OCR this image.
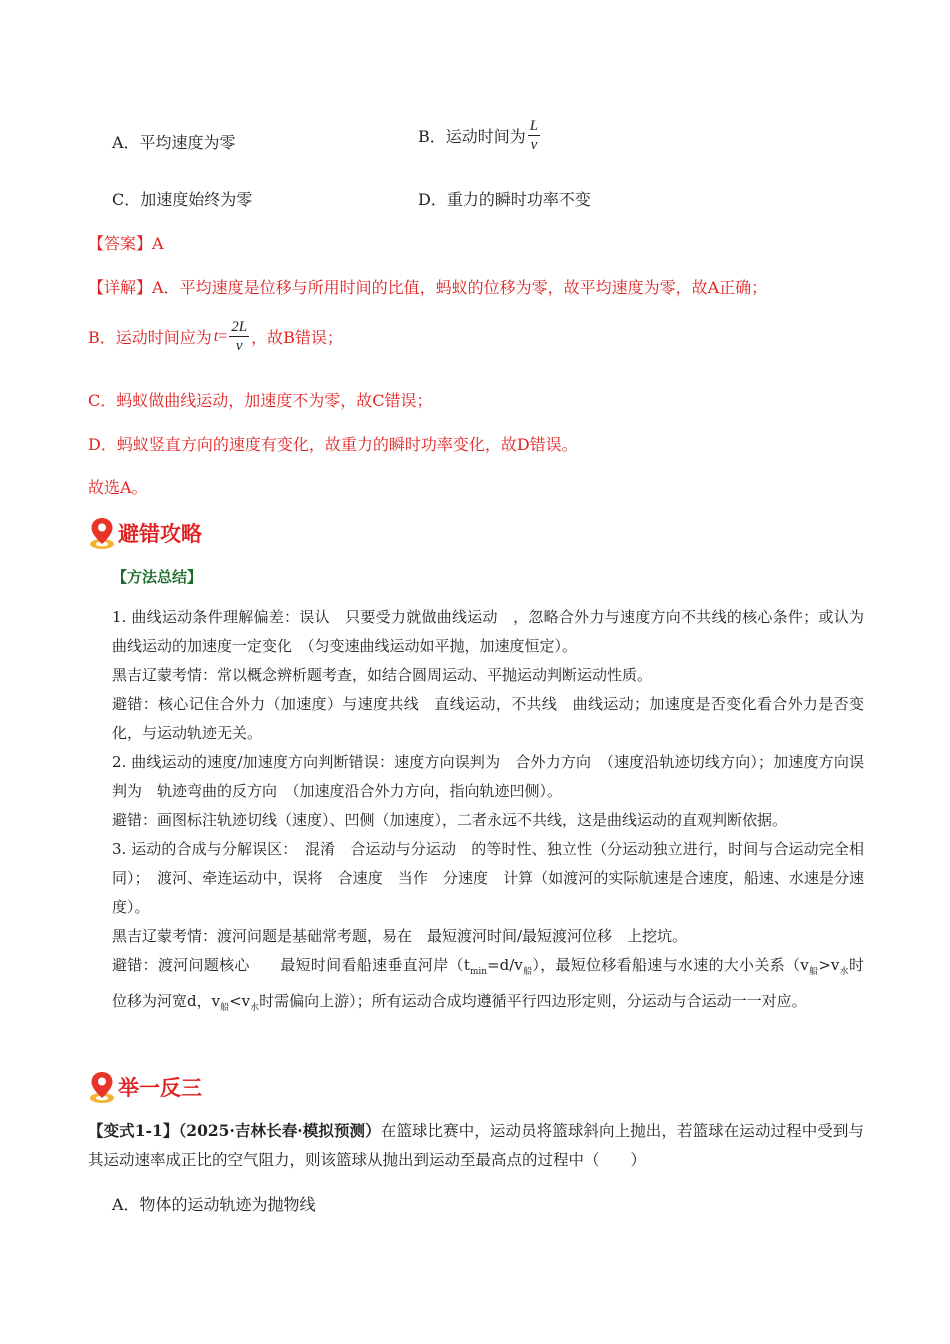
A．平均速度为零	B．运动时间为 $\frac{L}{v}$
C．加速度始终为零	D．重力的瞬时功率不变
【答案】A
【详解】A．平均速度是位移与所用时间的比值，蚂蚁的位移为零，故平均速度为零，故A正确；
B．运动时间应为 $t = \frac{2L}{v}$ ，故B错误；
C．蚂蚁做曲线运动，加速度不为零，故C错误；
D．蚂蚁竖直方向的速度有变化，故重力的瞬时功率变化，故D错误。
故选A。
避错攻略
【方法总结】

1. 曲线运动条件理解偏差：误认　只要受力就做曲线运动　，忽略合外力与速度方向不共线的核心条件；或认为　曲线运动的加速度一定变化　（匀变速曲线运动如平抛，加速度恒定）。

黑吉辽蒙考情：常以概念辨析题考查，如结合圆周运动、平抛运动判断运动性质。

避错：核心记住合外力（加速度）与速度共线　直线运动，不共线　曲线运动；加速度是否变化看合外力是否变化，与运动轨迹无关。

2. 曲线运动的速度/加速度方向判断错误：速度方向误判为　合外力方向　（速度沿轨迹切线方向）；加速度方向误判为　轨迹弯曲的反方向　（加速度沿合外力方向，指向轨迹凹侧）。

避错：画图标注轨迹切线（速度）、凹侧（加速度），二者永远不共线，这是曲线运动的直观判断依据。

3. 运动的合成与分解误区：　混淆　合运动与分运动　的等时性、独立性（分运动独立进行，时间与合运动完全相同）；　渡河、牵连运动中，误将　合速度　当作　分速度　计算（如渡河的实际航速是合速度，船速、水速是分速度）。

黑吉辽蒙考情：渡河问题是基础常考题，易在　最短渡河时间/最短渡河位移　上挖坑。

避错：渡河问题核心　　最短时间看船速垂直河岸$(t_{min}=d/v_船)$，最短位移看船速与水速的大小关系（$v_船>v_水$时位移为河宽d，$v_船<v_水$时需偏向上游）；所有运动合成均遵循平行四边形定则，分运动与合运动一一对应。

举一反三
【变式1-1】（2025·吉林长春·模拟预测）在篮球比赛中，运动员将篮球斜向上抛出，若篮球在运动过程中受到与其运动速率成正比的空气阻力，则该篮球从抛出到运动至最高点的过程中（　　）
A．物体的运动轨迹为抛物线
